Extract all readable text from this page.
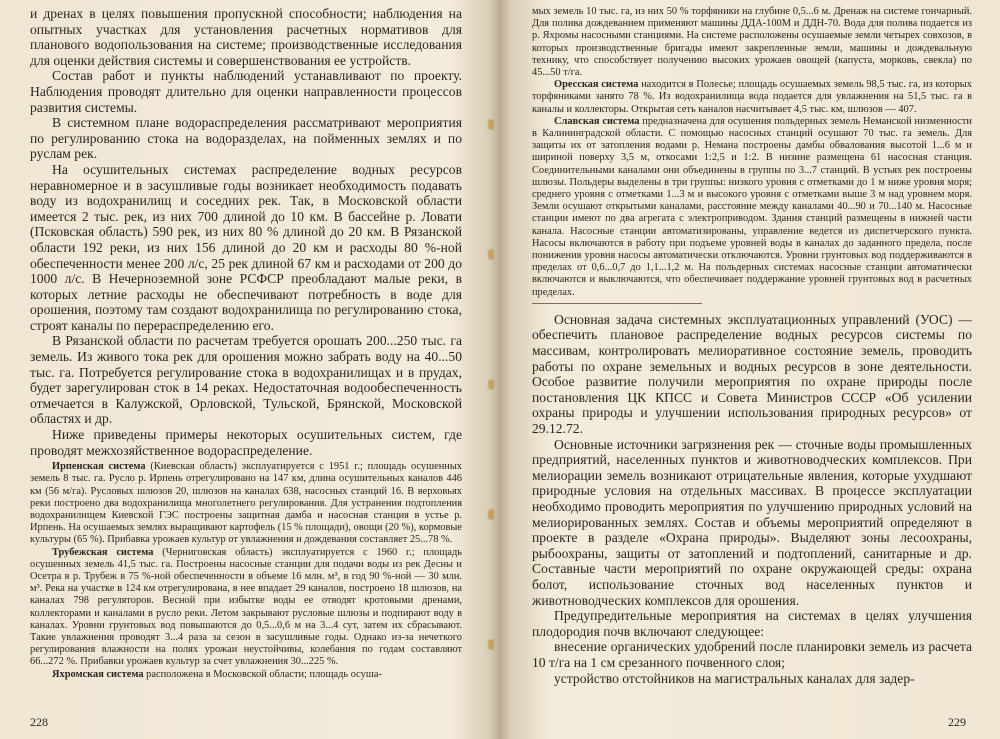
и дренах в целях повышения пропускной способности; наблюдения на опытных участках для установления расчетных нормативов для планового водопользования на системе; производственные исследования для оценки действия системы и совершенствования ее устройств.

Состав работ и пункты наблюдений устанавливают по проекту. Наблюдения проводят длительно для оценки направленности процессов развития системы.

В системном плане водораспределения рассматривают мероприятия по регулированию стока на водоразделах, на пойменных землях и по руслам рек.

На осушительных системах распределение водных ресурсов неравномерное и в засушливые годы возникает необходимость подавать воду из водохранилищ и соседних рек. Так, в Московской области имеется 2 тыс. рек, из них 700 длиной до 10 км. В бассейне р. Ловати (Псковская область) 590 рек, из них 80 % длиной до 20 км. В Рязанской области 192 реки, из них 156 длиной до 20 км и расходы 80 %-ной обеспеченности менее 200 л/с, 25 рек длиной 67 км и расходами от 200 до 1000 л/с. В Нечерноземной зоне РСФСР преобладают малые реки, в которых летние расходы не обеспечивают потребность в воде для орошения, поэтому там создают водохранилища по регулированию стока, строят каналы по перераспределению его.

В Рязанской области по расчетам требуется орошать 200...250 тыс. га земель. Из живого тока рек для орошения можно забрать воду на 40...50 тыс. га. Потребуется регулирование стока в водохранилищах и в прудах, будет зарегулирован сток в 14 реках. Недостаточная водообеспеченность отмечается в Калужской, Орловской, Тульской, Брянской, Московской областях и др.

Ниже приведены примеры некоторых осушительных систем, где проводят межхозяйственное водораспределение.

Ирпенская система (Киевская область) эксплуатируется с 1951 г.; площадь осушенных земель 8 тыс. га. Русло р. Ирпень отрегулировано на 147 км, длина осушительных каналов 446 км (56 м/га). Русловых шлюзов 20, шлюзов на каналах 638, насосных станций 16. В верховьях реки построено два водохранилища многолетнего регулирования. Для устранения подтопления водохранилищем Киевской ГЭС построены защитная дамба и насосная станция в устье р. Ирпень. На осушаемых землях выращивают картофель (15 % площади), овощи (20 %), кормовые культуры (65 %). Прибавка урожаев культур от увлажнения и дождевания составляет 25...78 %.

Трубежская система (Черниговская область) эксплуатируется с 1960 г.; площадь осушенных земель 41,5 тыс. га. Построены насосные станции для подачи воды из рек Десны и Осетра в р. Трубеж в 75 %-ной обеспеченности в объеме 16 млн. м³, в год 90 %-ной — 30 млн. м³. Река на участке в 124 км отрегулирована, в нее впадает 29 каналов, построено 18 шлюзов, на каналах 798 регуляторов. Весной при избытке воды ее отводят кротовыми дренами, коллекторами и каналами в русло реки. Летом закрывают русловые шлюзы и подпирают воду в каналах. Уровни грунтовых вод повышаются до 0,5...0,6 м на 3...4 сут, затем их сбрасывают. Такие увлажнения проводят 3...4 раза за сезон в засушливые годы. Однако из-за нечеткого регулирования влажности на полях урожаи неустойчивы, колебания по годам составляют 66...272 %. Прибавки урожаев культур за счет увлажнения 30...225 %.

Яхромская система расположена в Московской области; площадь осуша-

228

мых земель 10 тыс. га, из них 50 % торфяники на глубине 0,5...6 м. Дренаж на системе гончарный. Для полива дождеванием применяют машины ДДА-100М и ДДН-70. Вода для полива подается из р. Яхромы насосными станциями. На системе расположены осушаемые земли четырех совхозов, в которых производственные бригады имеют закрепленные земли, машины и дождевальную технику, что способствует получению высоких урожаев овощей (капуста, морковь, свекла) по 45...50 т/га.

Оресская система находится в Полесье; площадь осушаемых земель 98,5 тыс. га, из которых торфяниками занято 78 %. Из водохранилища вода подается для увлажнения на 51,5 тыс. га в каналы и коллекторы. Открытая сеть каналов насчитывает 4,5 тыс. км, шлюзов — 407.

Славская система предназначена для осушения польдерных земель Неманской низменности в Калининградской области. С помощью насосных станций осушают 70 тыс. га земель. Для защиты их от затопления водами р. Немана построены дамбы обвалования высотой 1...6 м и шириной поверху 3,5 м, откосами 1:2,5 и 1:2. В низине размещена 61 насосная станция. Соединительными каналами они объединены в группы по 3...7 станций. В устьях рек построены шлюзы. Польдеры выделены в три группы: низкого уровня с отметками до 1 м ниже уровня моря; среднего уровня с отметками 1...3 м и высокого уровня с отметками выше 3 м над уровнем моря. Земли осушают открытыми каналами, расстояние между каналами 40...90 и 70...140 м. Насосные станции имеют по два агрегата с электроприводом. Здания станций размещены в нижней части канала. Насосные станции автоматизированы, управление ведется из диспетчерского пункта. Насосы включаются в работу при подъеме уровней воды в каналах до заданного предела, после понижения уровня насосы автоматически отключаются. Уровни грунтовых вод поддерживаются в пределах от 0,6...0,7 до 1,1...1,2 м. На польдерных системах насосные станции автоматически включаются и выключаются, что обеспечивает поддержание уровней грунтовых вод в расчетных пределах.

Основная задача системных эксплуатационных управлений (УОС) — обеспечить плановое распределение водных ресурсов системы по массивам, контролировать мелиоративное состояние земель, проводить работы по охране земельных и водных ресурсов в зоне деятельности. Особое развитие получили мероприятия по охране природы после постановления ЦК КПСС и Совета Министров СССР «Об усилении охраны природы и улучшении использования природных ресурсов» от 29.12.72.

Основные источники загрязнения рек — сточные воды промышленных предприятий, населенных пунктов и животноводческих комплексов. При мелиорации земель возникают отрицательные явления, которые ухудшают природные условия на отдельных массивах. В процессе эксплуатации необходимо проводить мероприятия по улучшению природных условий на мелиорированных землях. Состав и объемы мероприятий определяют в проекте в разделе «Охрана природы». Выделяют зоны лесоохраны, рыбоохраны, защиты от затоплений и подтоплений, санитарные и др. Составные части мероприятий по охране окружающей среды: охрана болот, использование сточных вод населенных пунктов и животноводческих комплексов для орошения.

Предупредительные мероприятия на системах в целях улучшения плодородия почв включают следующее:

внесение органических удобрений после планировки земель из расчета 10 т/га на 1 см срезанного почвенного слоя;

устройство отстойников на магистральных каналах для задер-

229
